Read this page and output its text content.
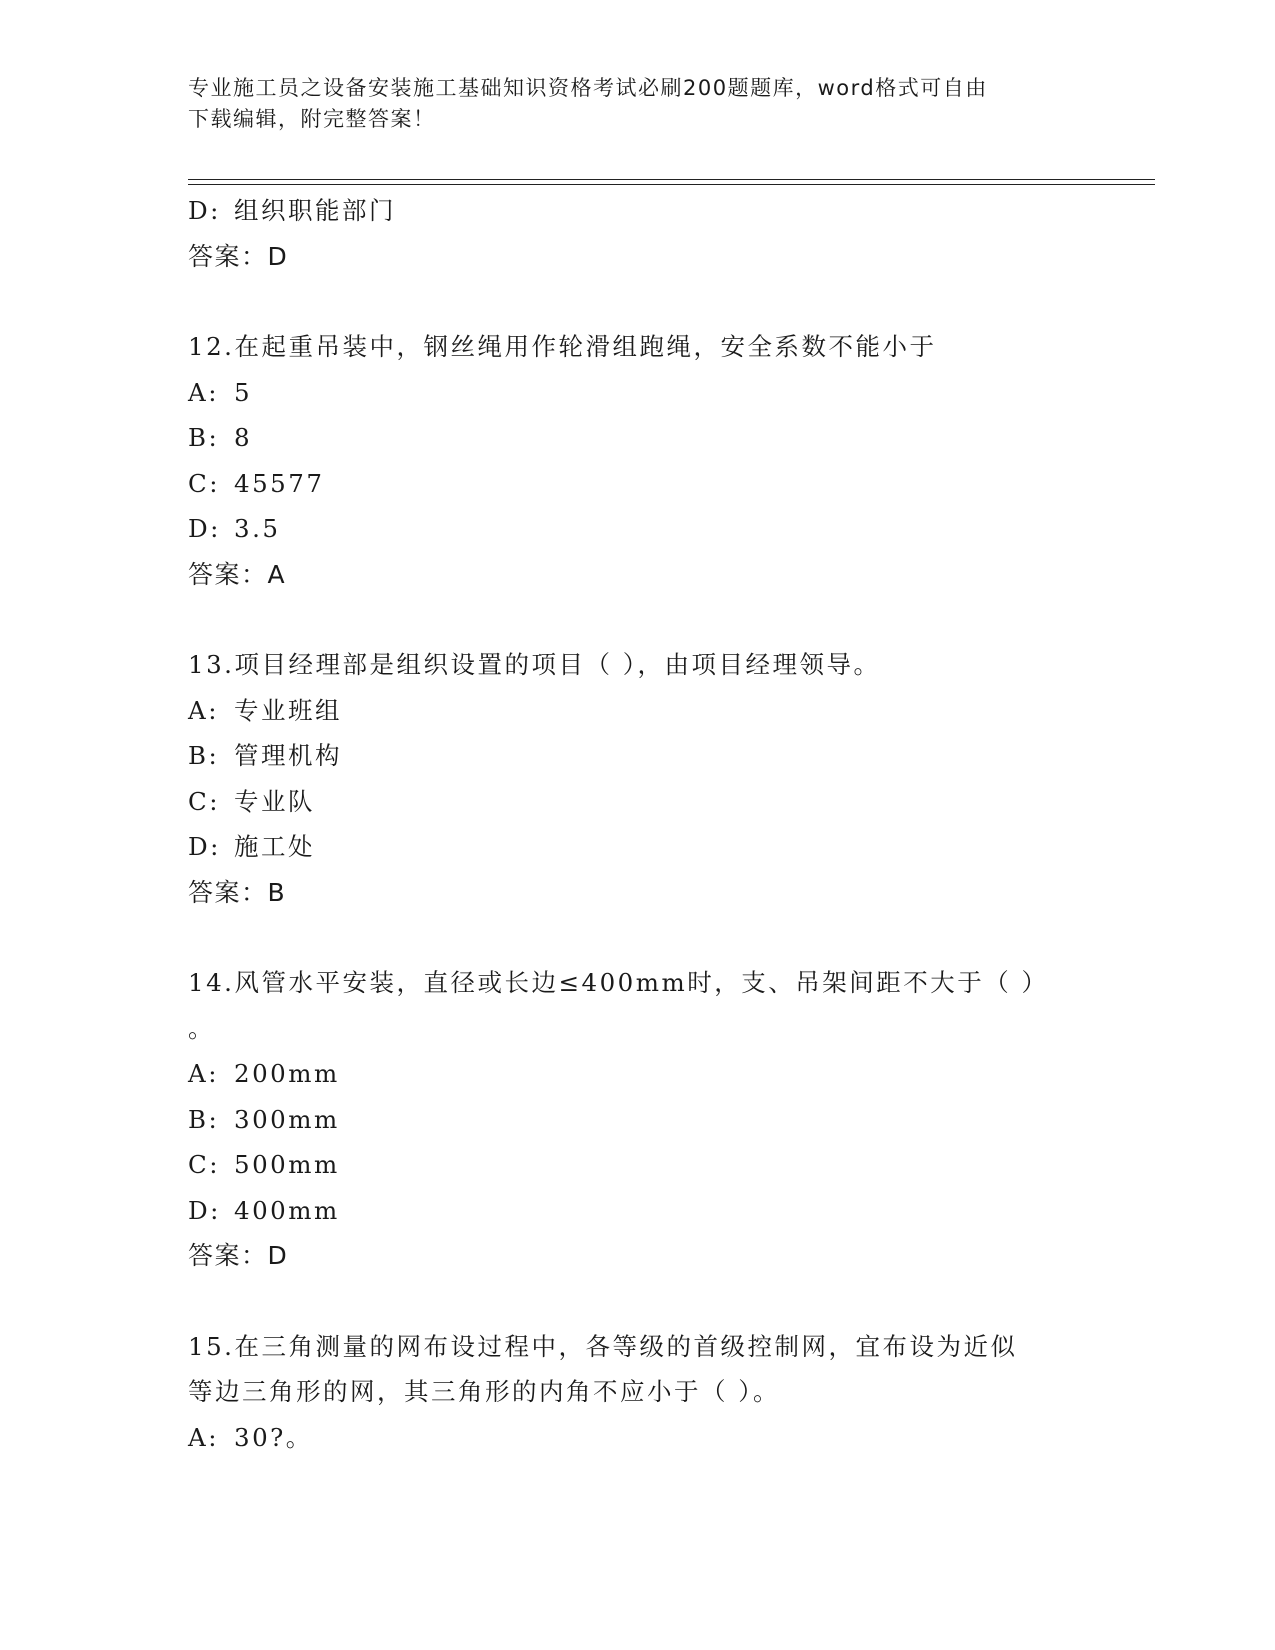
专业施工员之设备安装施工基础知识资格考试必刷200题题库，word格式可自由
下载编辑，附完整答案！
D: 组织职能部门
答案：D
12.在起重吊装中，钢丝绳用作轮滑组跑绳，安全系数不能小于
A: 5
B: 8
C: 45577
D: 3.5
答案：A
13.项目经理部是组织设置的项目（ ），由项目经理领导。
A: 专业班组
B: 管理机构
C: 专业队
D: 施工处
答案：B
14.风管水平安装，直径或长边≤400mm时，支、吊架间距不大于（ ）
。
A: 200mm
B: 300mm
C: 500mm
D: 400mm
答案：D
15.在三角测量的网布设过程中，各等级的首级控制网，宜布设为近似
等边三角形的网，其三角形的内角不应小于（ ）。
A: 30?。
